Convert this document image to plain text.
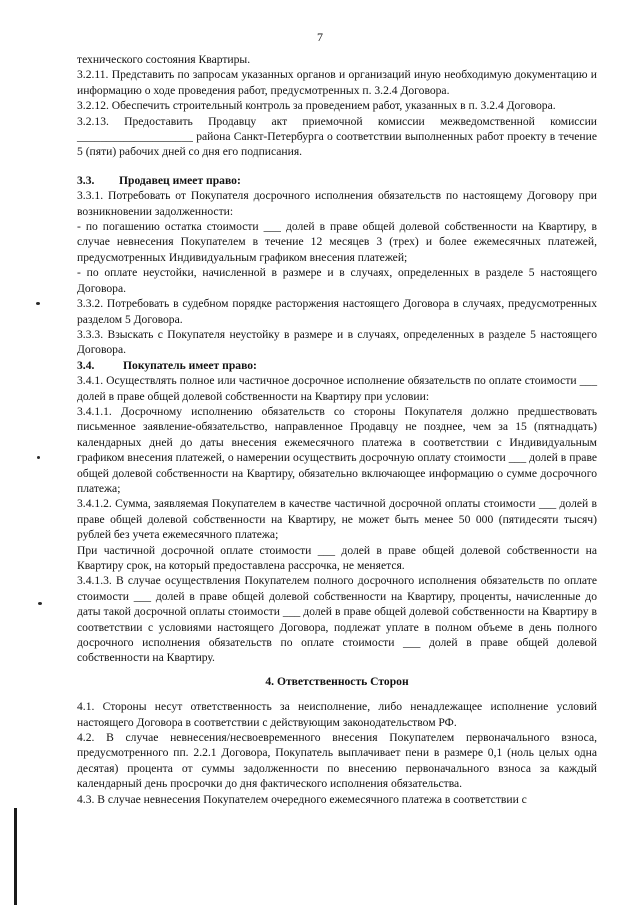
7

технического состояния Квартиры.

3.2.11. Представить по запросам указанных органов и организаций иную необходимую документацию и информацию о ходе проведения работ, предусмотренных п. 3.2.4 Договора.

3.2.12. Обеспечить строительный контроль за проведением работ, указанных в п. 3.2.4 Договора.

3.2.13. Предоставить Продавцу акт приемочной комиссии межведомственной комиссии ____________________ района Санкт-Петербурга о соответствии выполненных работ проекту в течение 5 (пяти) рабочих дней со дня его подписания.

3.3.	Продавец имеет право:

3.3.1. Потребовать от Покупателя досрочного исполнения обязательств по настоящему Договору при возникновении задолженности:

- по погашению остатка стоимости ___ долей в праве общей долевой собственности на Квартиру, в случае невнесения Покупателем в течение 12 месяцев 3 (трех) и более ежемесячных платежей, предусмотренных Индивидуальным графиком внесения платежей;

- по оплате неустойки, начисленной в размере и в случаях, определенных в разделе 5 настоящего Договора.

3.3.2. Потребовать в судебном порядке расторжения настоящего Договора в случаях, предусмотренных разделом 5 Договора.

3.3.3. Взыскать с Покупателя неустойку в размере и в случаях, определенных в разделе 5 настоящего Договора.

3.4.	Покупатель имеет право:

3.4.1. Осуществлять полное или частичное досрочное исполнение обязательств по оплате стоимости ___ долей в праве общей долевой собственности на Квартиру при условии:

3.4.1.1. Досрочному исполнению обязательств со стороны Покупателя должно предшествовать письменное заявление-обязательство, направленное Продавцу не позднее, чем за 15 (пятнадцать) календарных дней до даты внесения ежемесячного платежа в соответствии с Индивидуальным графиком внесения платежей, о намерении осуществить досрочную оплату стоимости ___ долей в праве общей долевой собственности на Квартиру, обязательно включающее информацию о сумме досрочного платежа;

3.4.1.2. Сумма, заявляемая Покупателем в качестве частичной досрочной оплаты стоимости ___ долей в праве общей долевой собственности на Квартиру, не может быть менее 50 000 (пятидесяти тысяч) рублей без учета ежемесячного платежа;

При частичной досрочной оплате стоимости ___ долей в праве общей долевой собственности на Квартиру срок, на который предоставлена рассрочка, не меняется.

3.4.1.3. В случае осуществления Покупателем полного досрочного исполнения обязательств по оплате стоимости ___ долей в праве общей долевой собственности на Квартиру, проценты, начисленные до даты такой досрочной оплаты стоимости ___ долей в праве общей долевой собственности на Квартиру в соответствии с условиями настоящего Договора, подлежат уплате в полном объеме в день полного досрочного исполнения обязательств по оплате стоимости ___ долей в праве общей долевой собственности на Квартиру.

4. Ответственность Сторон

4.1. Стороны несут ответственность за неисполнение, либо ненадлежащее исполнение условий настоящего Договора в соответствии с действующим законодательством РФ.

4.2. В случае невнесения/несвоевременного внесения Покупателем первоначального взноса, предусмотренного пп. 2.2.1 Договора, Покупатель выплачивает пени в размере 0,1 (ноль целых одна десятая) процента от суммы задолженности по внесению первоначального взноса за каждый календарный день просрочки до дня фактического исполнения обязательства.

4.3. В случае невнесения Покупателем очередного ежемесячного платежа в соответствии с
